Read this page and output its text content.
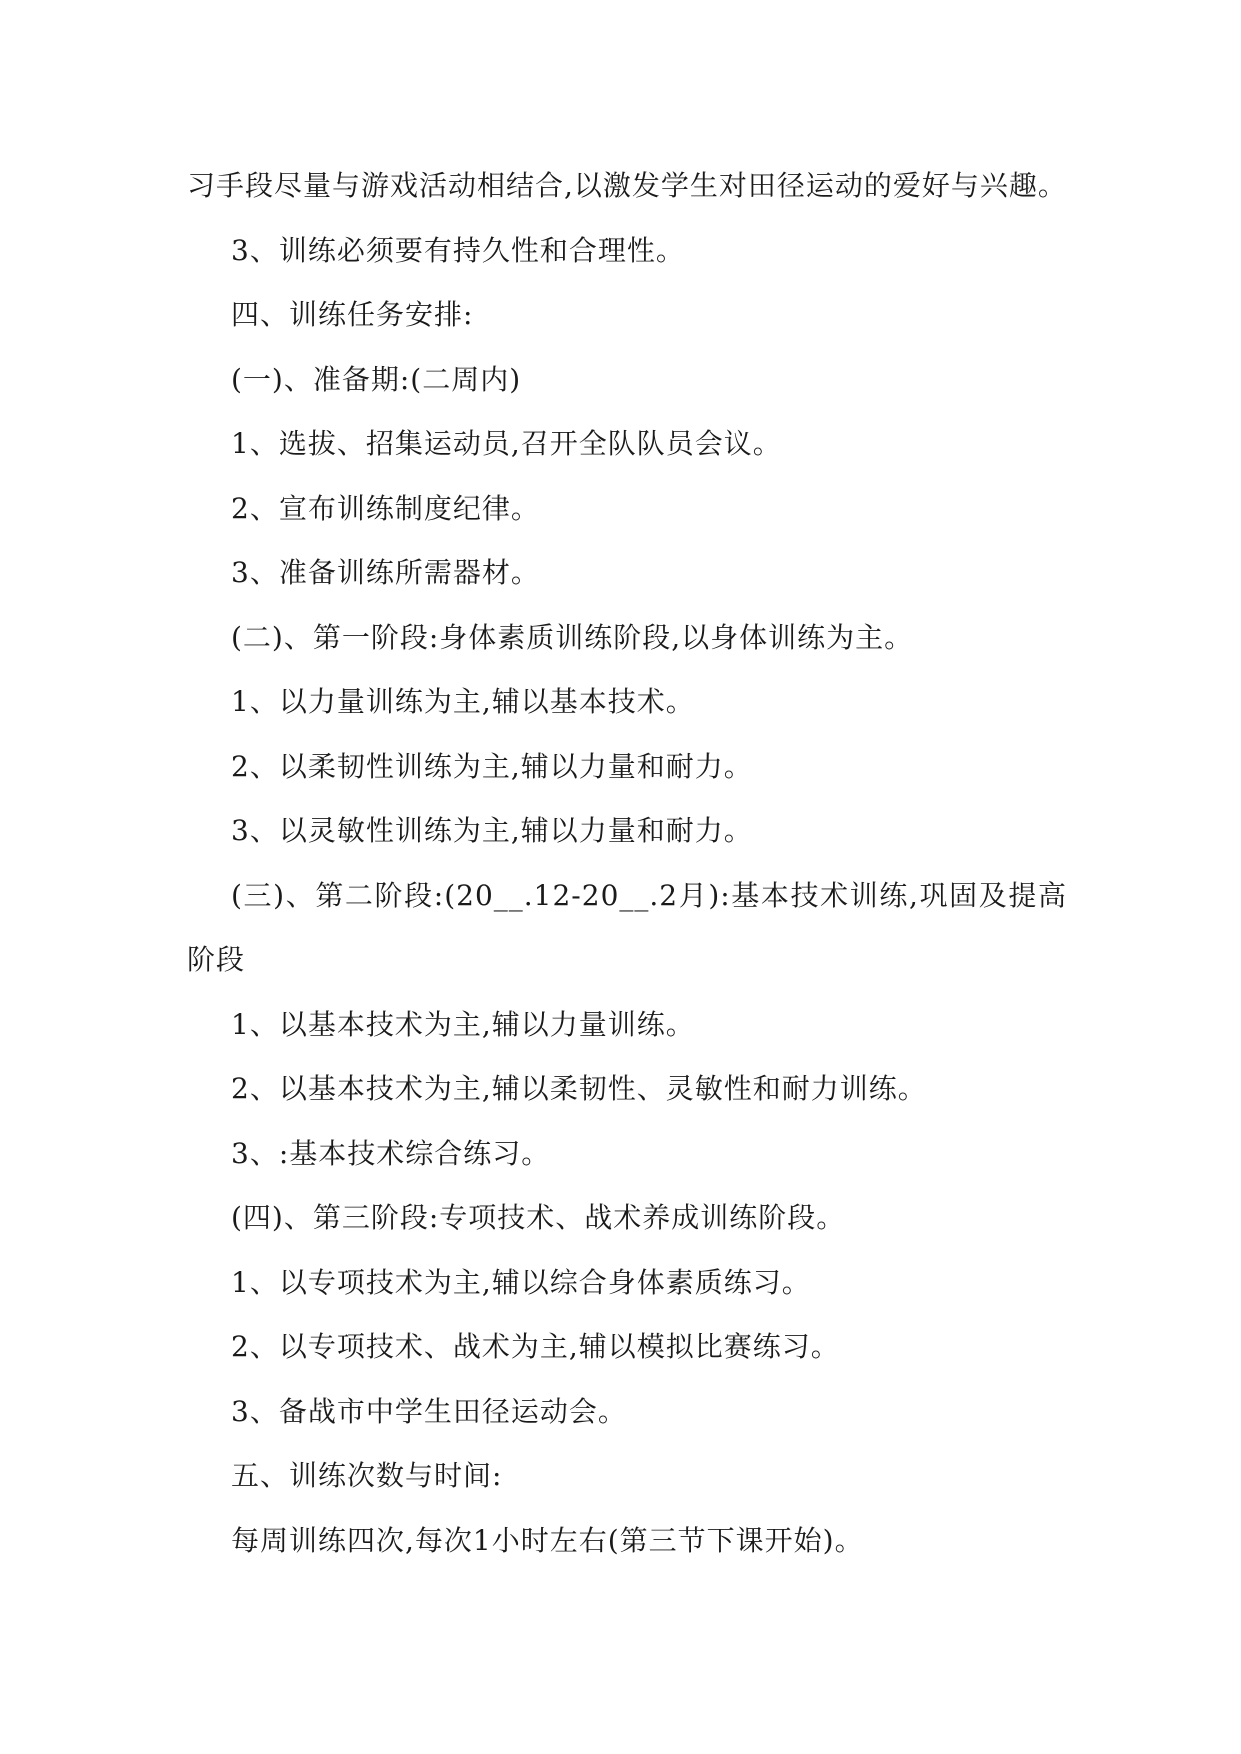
习手段尽量与游戏活动相结合,以激发学生对田径运动的爱好与兴趣。

3、训练必须要有持久性和合理性。

四、训练任务安排:

(一)、准备期:(二周内)

1、选拔、招集运动员,召开全队队员会议。

2、宣布训练制度纪律。

3、准备训练所需器材。

(二)、第一阶段:身体素质训练阶段,以身体训练为主。

1、以力量训练为主,辅以基本技术。

2、以柔韧性训练为主,辅以力量和耐力。

3、以灵敏性训练为主,辅以力量和耐力。

(三)、第二阶段:(20__.12-20__.2月):基本技术训练,巩固及提高阶段

1、以基本技术为主,辅以力量训练。

2、以基本技术为主,辅以柔韧性、灵敏性和耐力训练。

3、:基本技术综合练习。

(四)、第三阶段:专项技术、战术养成训练阶段。

1、以专项技术为主,辅以综合身体素质练习。

2、以专项技术、战术为主,辅以模拟比赛练习。

3、备战市中学生田径运动会。

五、训练次数与时间:

每周训练四次,每次1小时左右(第三节下课开始)。
